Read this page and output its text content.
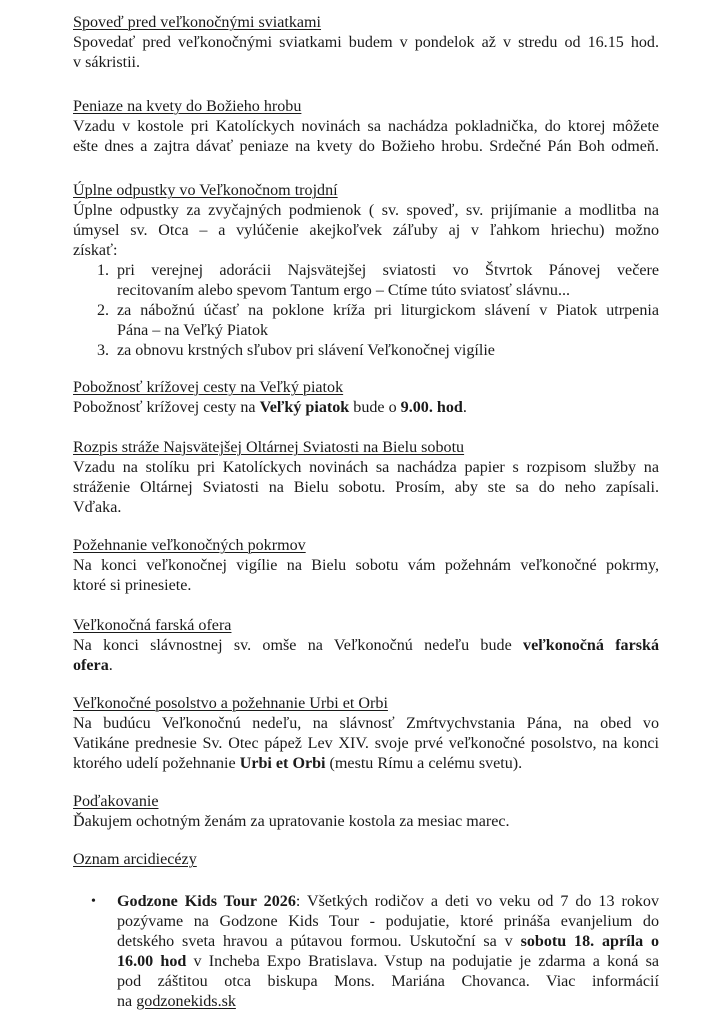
Spoveď pred veľkonočnými sviatkami
Spovedať pred veľkonočnými sviatkami budem v pondelok až v stredu od 16.15 hod.
v sákristii.
Peniaze na kvety do Božieho hrobu
Vzadu v kostole pri Katolíckych novinách sa nachádza pokladnička, do ktorej môžete
ešte dnes a zajtra dávať peniaze na kvety do Božieho hrobu. Srdečné Pán Boh odmeň.
Úplne odpustky vo Veľkonočnom trojdní
Úplne odpustky za zvyčajných podmienok ( sv. spoveď, sv. prijímanie a modlitba na
úmysel sv. Otca – a vylúčenie akejkoľvek záľuby aj v ľahkom hriechu) možno
získať:
1. pri verejnej adorácii Najsvätejšej sviatosti vo Štvrtok Pánovej večere
recitovaním alebo spevom Tantum ergo – Ctíme túto sviatosť slávnu...
2. za nábožnú účasť na poklone kríža pri liturgickom slávení v Piatok utrpenia
Pána – na Veľký Piatok
3. za obnovu krstných sľubov pri slávení Veľkonočnej vigílie
Pobožnosť krížovej cesty na Veľký piatok
Pobožnosť krížovej cesty na Veľký piatok bude o 9.00. hod.
Rozpis stráže Najsvätejšej Oltárnej Sviatosti na Bielu sobotu
Vzadu na stolíku pri Katolíckych novinách sa nachádza papier s rozpisom služby na
stráženie Oltárnej Sviatosti na Bielu sobotu. Prosím, aby ste sa do neho zapísali.
Vďaka.
Požehnanie veľkonočných pokrmov
Na konci veľkonočnej vigílie na Bielu sobotu vám požehnám veľkonočné pokrmy,
ktoré si prinesiete.
Veľkonočná farská ofera
Na konci slávnostnej sv. omše na Veľkonočnú nedeľu bude veľkonočná farská
ofera.
Veľkonočné posolstvo a požehnanie Urbi et Orbi
Na budúcu Veľkonočnú nedeľu, na slávnosť Zmŕtvychvstania Pána, na obed vo
Vatikáne prednesie Sv. Otec pápež Lev XIV. svoje prvé veľkonočné posolstvo, na konci
ktorého udelí požehnanie Urbi et Orbi (mestu Rímu a celému svetu).
Poďakovanie
Ďakujem ochotným ženám za upratovanie kostola za mesiac marec.
Oznam arcidiecézy
• Godzone Kids Tour 2026: Všetkých rodičov a deti vo veku od 7 do 13 rokov
pozývame na Godzone Kids Tour - podujatie, ktoré prináša evanjelium do
detského sveta hravou a pútavou formou. Uskutoční sa v sobotu 18. apríla o
16.00 hod v Incheba Expo Bratislava. Vstup na podujatie je zdarma a koná sa
pod záštitou otca biskupa Mons. Mariána Chovanca. Viac informácií
na godzonekids.sk
